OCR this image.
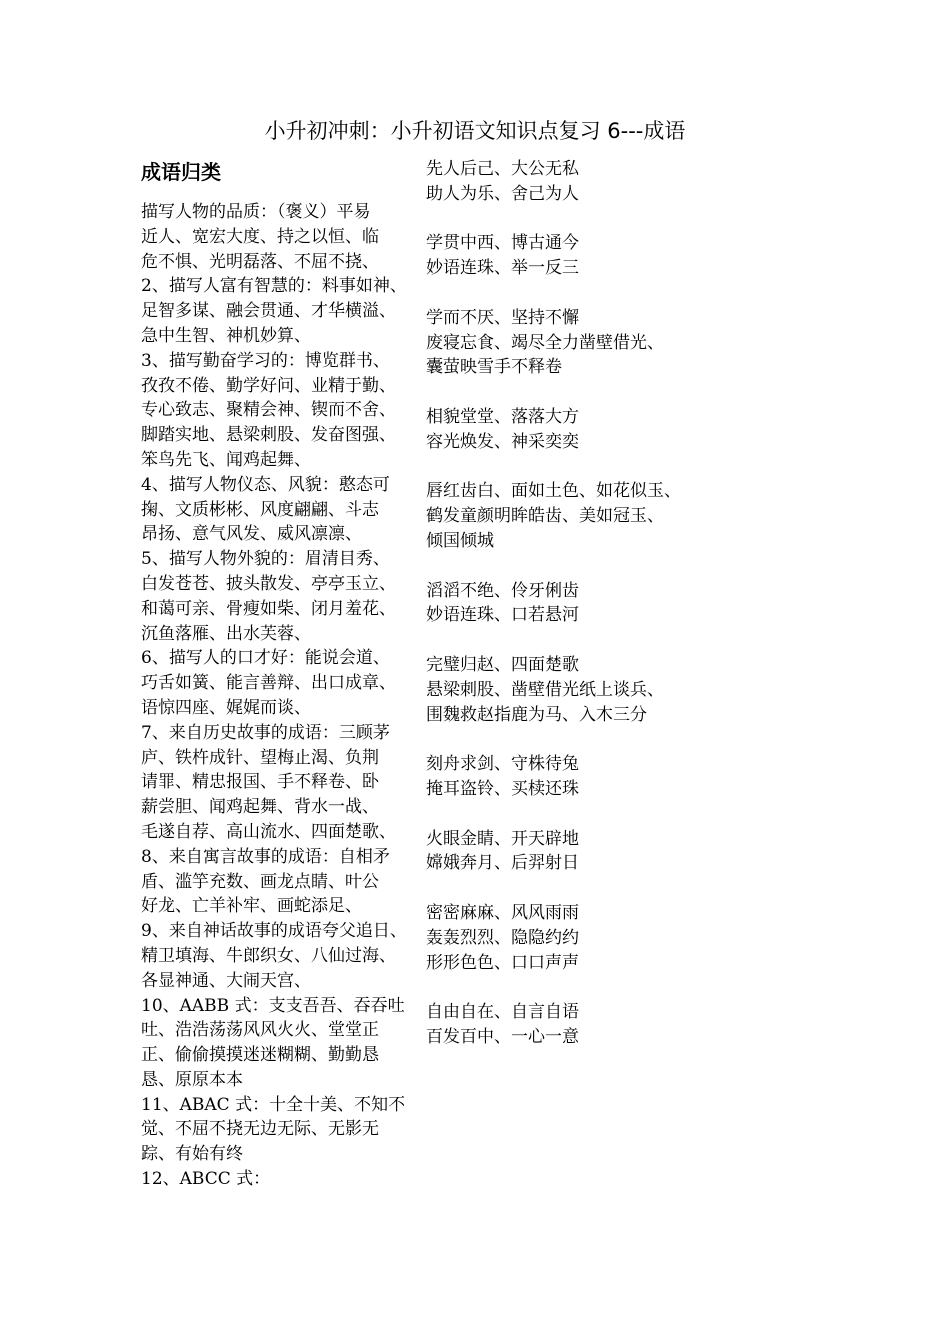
小升初冲刺：小升初语文知识点复习 6---成语
成语归类
描写人物的品质：（褒义）平易
近人、宽宏大度、持之以恒、临
危不惧、光明磊落、不屈不挠、
2、描写人富有智慧的：料事如神、
足智多谋、融会贯通、才华横溢、
急中生智、神机妙算、
3、描写勤奋学习的：博览群书、
孜孜不倦、勤学好问、业精于勤、
专心致志、聚精会神、锲而不舍、
脚踏实地、悬梁刺股、发奋图强、
笨鸟先飞、闻鸡起舞、
4、描写人物仪态、风貌：憨态可
掬、文质彬彬、风度翩翩、斗志
昂扬、意气风发、威风凛凛、
5、描写人物外貌的：眉清目秀、
白发苍苍、披头散发、亭亭玉立、
和蔼可亲、骨瘦如柴、闭月羞花、
沉鱼落雁、出水芙蓉、
6、描写人的口才好：能说会道、
巧舌如簧、能言善辩、出口成章、
语惊四座、娓娓而谈、
7、来自历史故事的成语：三顾茅
庐、铁杵成针、望梅止渴、负荆
请罪、精忠报国、手不释卷、卧
薪尝胆、闻鸡起舞、背水一战、
毛遂自荐、高山流水、四面楚歌、
8、来自寓言故事的成语：自相矛
盾、滥竽充数、画龙点睛、叶公
好龙、亡羊补牢、画蛇添足、
9、来自神话故事的成语夸父追日、
精卫填海、牛郎织女、八仙过海、
各显神通、大闹天宫、
10、AABB 式：支支吾吾、吞吞吐
吐、浩浩荡荡风风火火、堂堂正
正、偷偷摸摸迷迷糊糊、勤勤恳
恳、原原本本
11、ABAC 式：十全十美、不知不
觉、不屈不挠无边无际、无影无
踪、有始有终
12、ABCC 式：
先人后己、大公无私
助人为乐、舍己为人
学贯中西、博古通今
妙语连珠、举一反三
学而不厌、坚持不懈
废寝忘食、竭尽全力凿壁借光、
囊萤映雪手不释卷
相貌堂堂、落落大方
容光焕发、神采奕奕
唇红齿白、面如土色、如花似玉、
鹤发童颜明眸皓齿、美如冠玉、
倾国倾城
滔滔不绝、伶牙俐齿
妙语连珠、口若悬河
完璧归赵、四面楚歌
悬梁刺股、凿壁借光纸上谈兵、
围魏救赵指鹿为马、入木三分
刻舟求剑、守株待兔
掩耳盗铃、买椟还珠
火眼金睛、开天辟地
嫦娥奔月、后羿射日
密密麻麻、风风雨雨
轰轰烈烈、隐隐约约
形形色色、口口声声
自由自在、自言自语
百发百中、一心一意
